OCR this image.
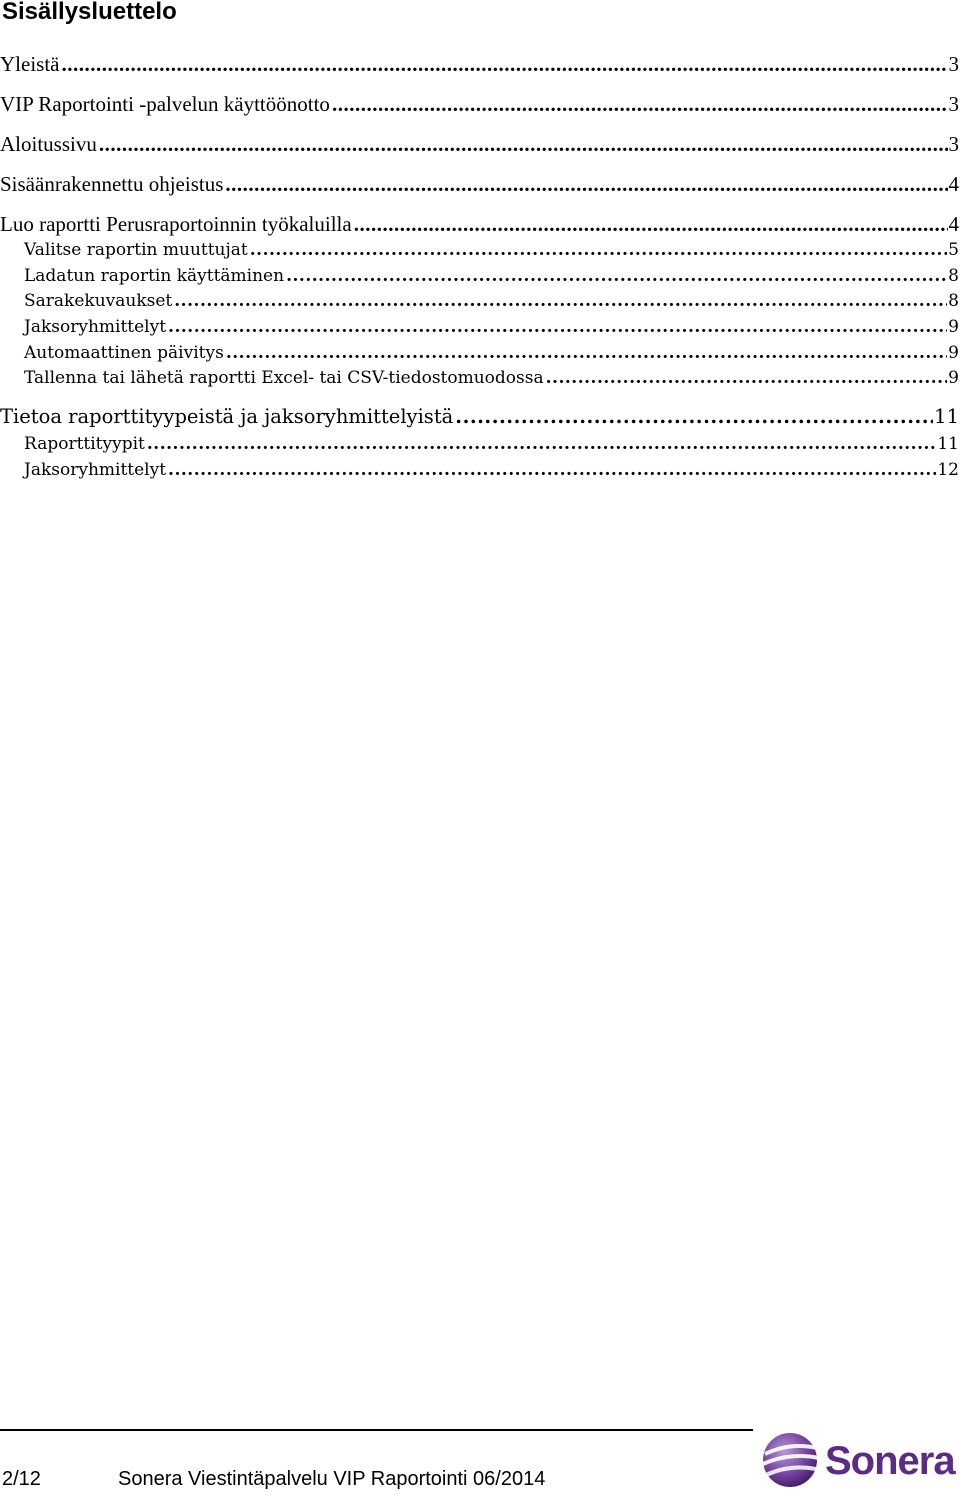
Sisällysluettelo
Yleistä .....	3
VIP Raportointi -palvelun käyttöönotto .....	3
Aloitussivu .....	3
Sisäänrakennettu ohjeistus .....	4
Luo raportti Perusraportoinnin työkaluilla .....	4
Valitse raportin muuttujat .....	5
Ladatun raportin käyttäminen .....	8
Sarakekuvaukset .....	8
Jaksoryhmittelyt .....	9
Automaattinen päivitys .....	9
Tallenna tai lähetä raportti Excel- tai CSV-tiedostomuodossa .....	9
Tietoa raporttityypeistä ja jaksoryhmittelyistä .....	11
Raporttityypit .....	11
Jaksoryhmittelyt .....	12
2/12	Sonera Viestintäpalvelu VIP Raportointi 06/2014	Sonera
